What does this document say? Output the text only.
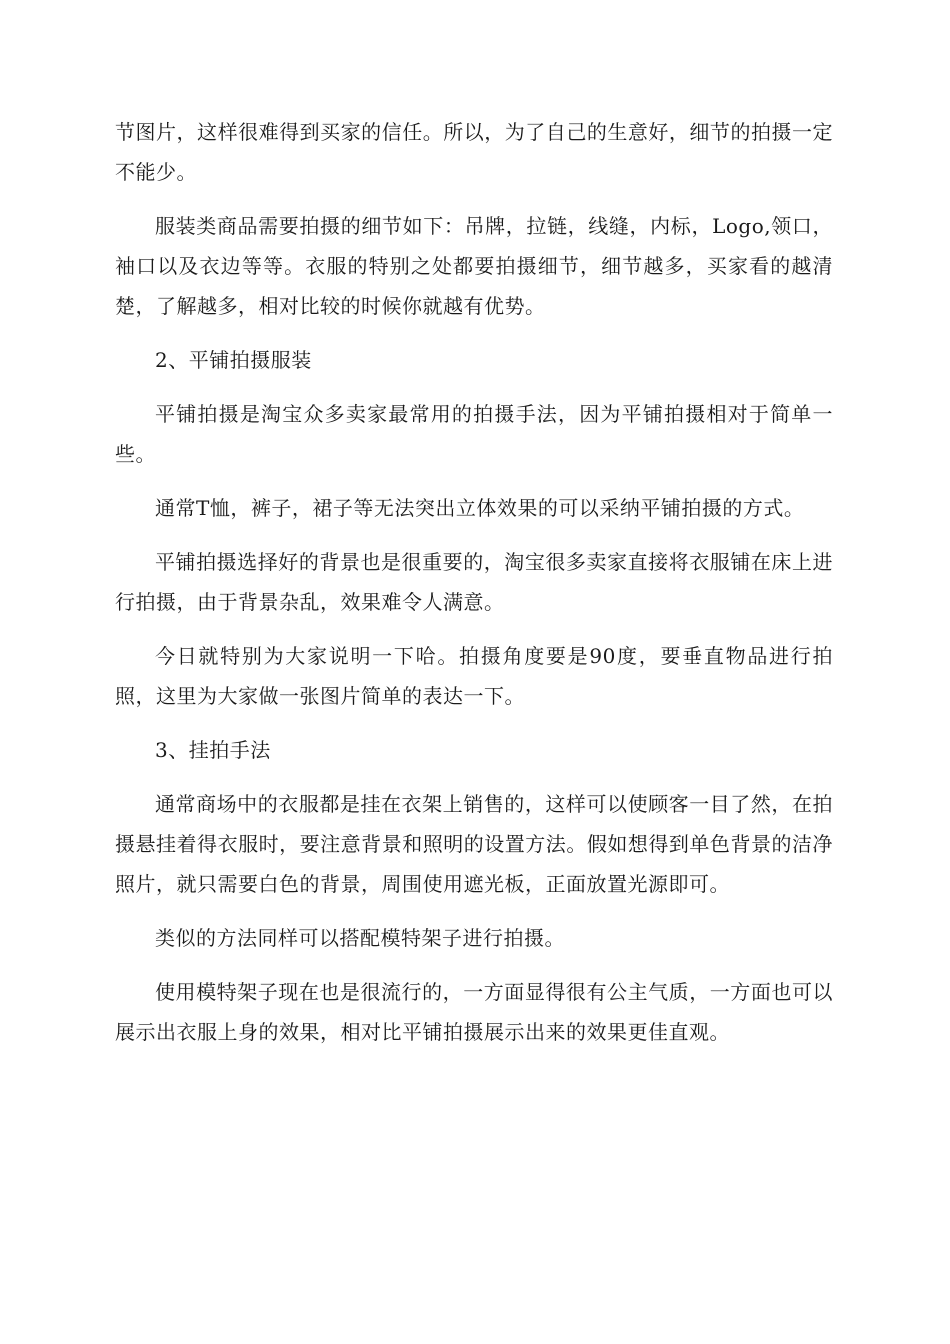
节图片，这样很难得到买家的信任。所以，为了自己的生意好，细节的拍摄一定不能少。

服装类商品需要拍摄的细节如下：吊牌，拉链，线缝，内标，Logo,领口，袖口以及衣边等等。衣服的特别之处都要拍摄细节，细节越多，买家看的越清楚，了解越多，相对比较的时候你就越有优势。

2、平铺拍摄服装

平铺拍摄是淘宝众多卖家最常用的拍摄手法，因为平铺拍摄相对于简单一些。

通常T恤，裤子，裙子等无法突出立体效果的可以采纳平铺拍摄的方式。

平铺拍摄选择好的背景也是很重要的，淘宝很多卖家直接将衣服铺在床上进行拍摄，由于背景杂乱，效果难令人满意。

今日就特别为大家说明一下哈。拍摄角度要是90度，要垂直物品进行拍照，这里为大家做一张图片简单的表达一下。

3、挂拍手法

通常商场中的衣服都是挂在衣架上销售的，这样可以使顾客一目了然，在拍摄悬挂着得衣服时，要注意背景和照明的设置方法。假如想得到单色背景的洁净照片，就只需要白色的背景，周围使用遮光板，正面放置光源即可。

类似的方法同样可以搭配模特架子进行拍摄。

使用模特架子现在也是很流行的，一方面显得很有公主气质，一方面也可以展示出衣服上身的效果，相对比平铺拍摄展示出来的效果更佳直观。
